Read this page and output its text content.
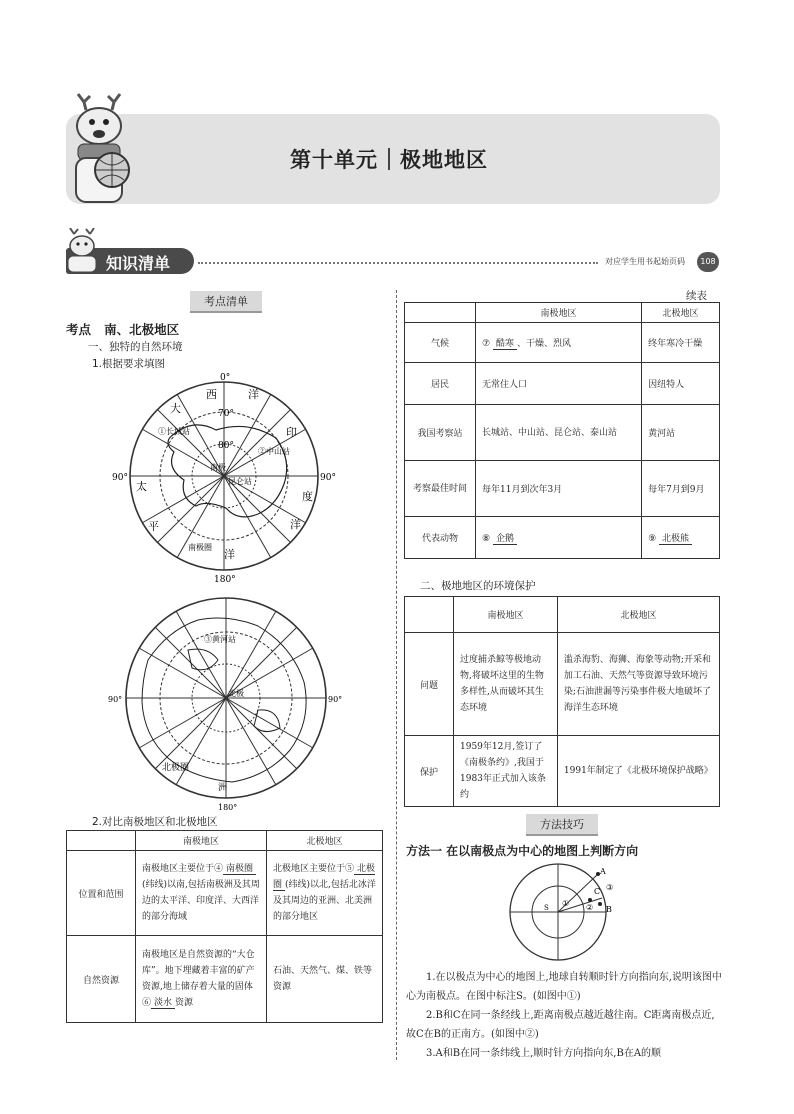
第十单元 极地地区
知识清单	对应学生用书起始页码	108
考点清单
考点 南、北极地区
一、独特的自然环境
1.根据要求填图
0°
90°	90°
180°
70°
80°
大
西	洋
印
度
太
平	洋
洋
①长城站
②中山站
南极
昆仑站
南极圈
90°	90°
180°
③黄河站
北极
北极圈
洲
2.对比南极地区和北极地区
	南极地区	北极地区
位置和范围	南极地区主要位于④ 南极圈(纬线)以南,包括南极洲及其周边的太平洋、印度洋、大西洋的部分海域	北极地区主要位于⑤ 北极圈 (纬线)以北,包括北冰洋及其周边的亚洲、北美洲的部分地区
自然资源	南极地区是自然资源的“大仓库”。地下埋藏着丰富的矿产资源,地上储存着大量的固体⑥ 淡水 资源	石油、天然气、煤、铁等资源
续表
	南极地区	北极地区
气候	⑦ 酷寒 、干燥、烈风	终年寒冷干燥
居民	无常住人口	因纽特人
我国考察站	长城站、中山站、昆仑站、泰山站	黄河站
考察最佳时间	每年11月到次年3月	每年7月到9月
代表动物	⑧ 企鹅	⑨ 北极熊
二、极地地区的环境保护
	南极地区	北极地区
问题	过度捕杀鲸等极地动物,将破坏这里的生物多样性,从而破坏其生态环境	滥杀海豹、海狮、海象等动物;开采和加工石油、天然气等资源导致环境污染;石油泄漏等污染事件极大地破坏了海洋生态环境
保护	1959年12月,签订了《南极条约》,我国于1983年正式加入该条约	1991年制定了《北极环境保护战略》
方法技巧
方法一 在以南极点为中心的地图上判断方向
S
A
B
C ③
① ②
1.在以极点为中心的地图上,地球自转顺时针方向指向东,说明该图中心为南极点。在图中标注S。(如图中①)
2.B和C在同一条经线上,距离南极点越近越往南。C距离南极点近,故C在B的正南方。(如图中②)
3.A和B在同一条纬线上,顺时针方向指向东,B在A的顺
